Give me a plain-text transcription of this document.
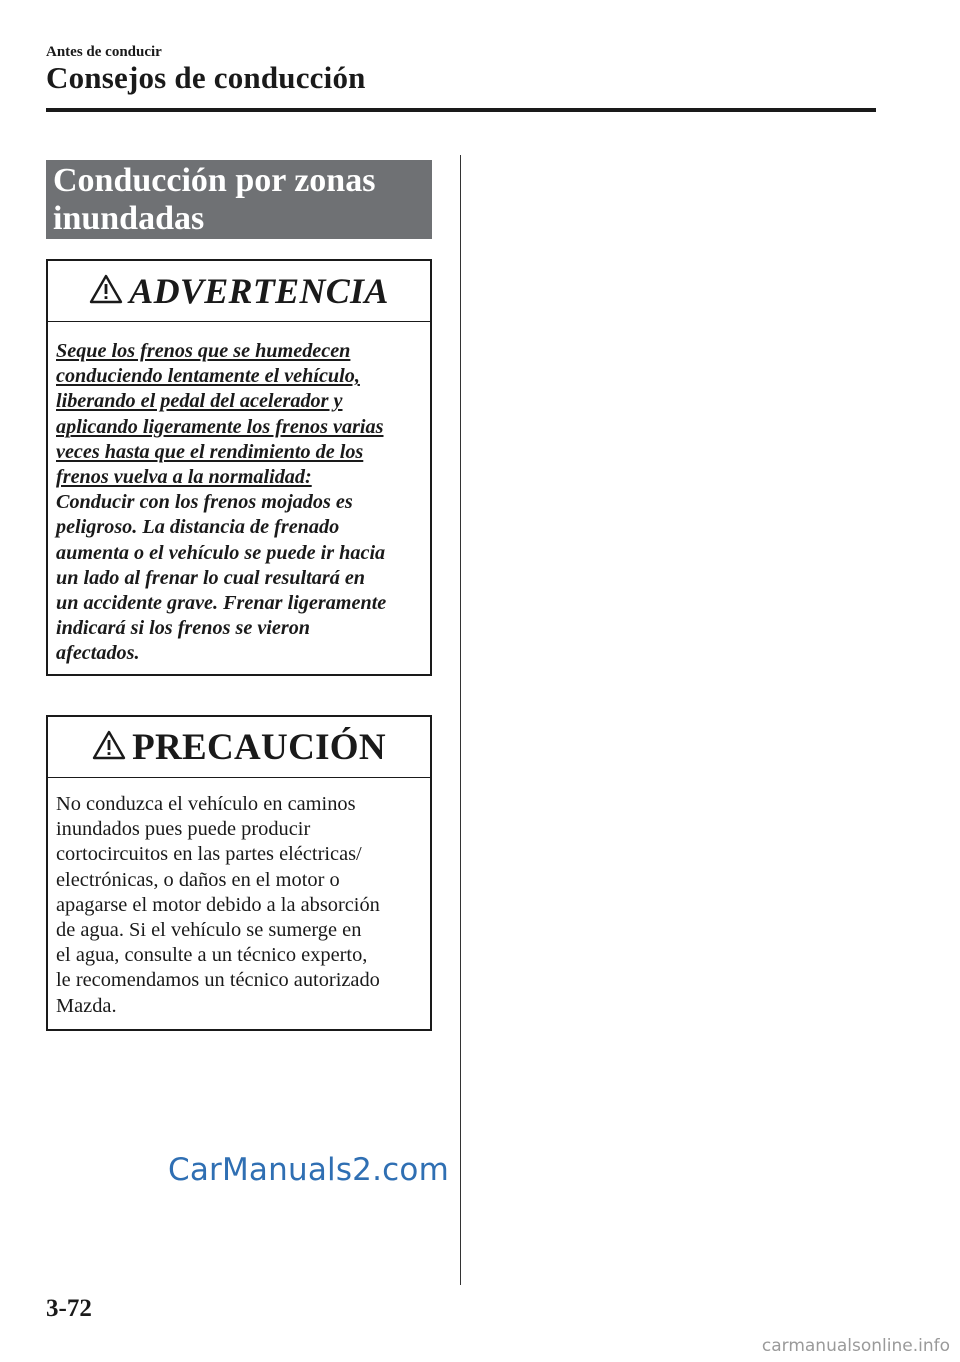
Antes de conducir
Consejos de conducción
Conducción por zonas
inundadas
ADVERTENCIA
Seque los frenos que se humedecen
conduciendo lentamente el vehículo,
liberando el pedal del acelerador y
aplicando ligeramente los frenos varias
veces hasta que el rendimiento de los
frenos vuelva a la normalidad:
Conducir con los frenos mojados es
peligroso. La distancia de frenado
aumenta o el vehículo se puede ir hacia
un lado al frenar lo cual resultará en
un accidente grave. Frenar ligeramente
indicará si los frenos se vieron
afectados.
PRECAUCIÓN
No conduzca el vehículo en caminos
inundados pues puede producir
cortocircuitos en las partes eléctricas/
electrónicas, o daños en el motor o
apagarse el motor debido a la absorción
de agua. Si el vehículo se sumerge en
el agua, consulte a un técnico experto,
le recomendamos un técnico autorizado
Mazda.
CarManuals2.com
3-72
carmanualsonline.info
